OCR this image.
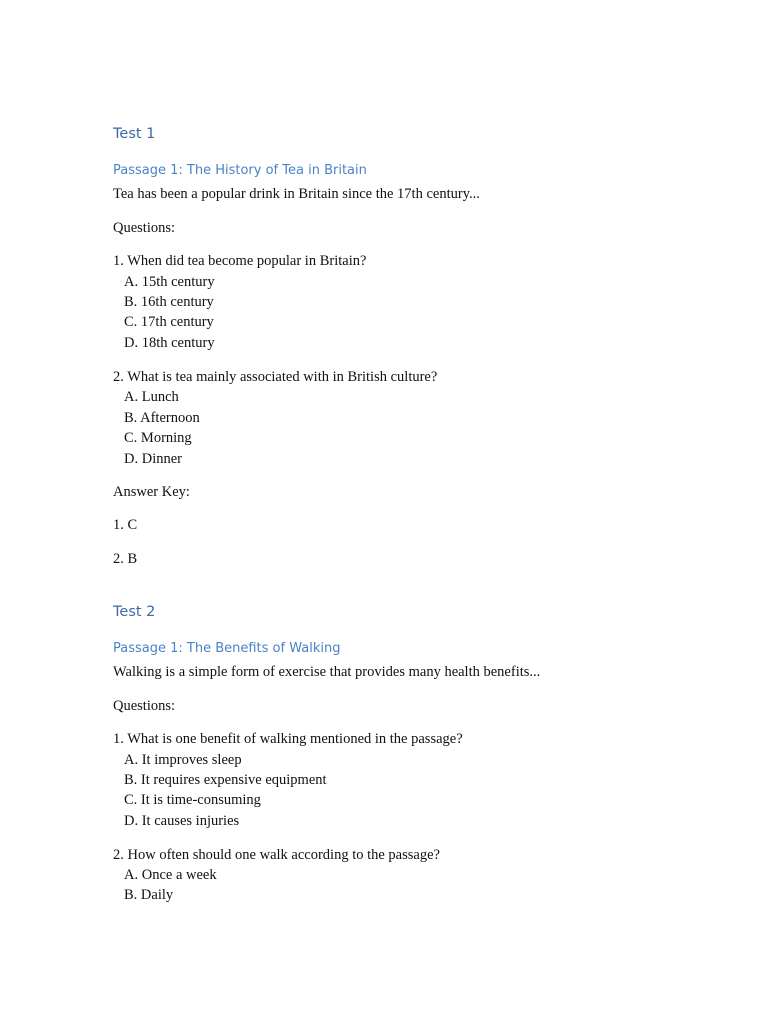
Test 1
Passage 1: The History of Tea in Britain

Tea has been a popular drink in Britain since the 17th century...

Questions:

1. When did tea become popular in Britain?

A. 15th century

B. 16th century

C. 17th century

D. 18th century

2. What is tea mainly associated with in British culture?

A. Lunch

B. Afternoon

C. Morning

D. Dinner

Answer Key:

1. C

2. B

Test 2
Passage 1: The Benefits of Walking

Walking is a simple form of exercise that provides many health benefits...

Questions:

1. What is one benefit of walking mentioned in the passage?

A. It improves sleep

B. It requires expensive equipment

C. It is time-consuming

D. It causes injuries

2. How often should one walk according to the passage?

A. Once a week

B. Daily
